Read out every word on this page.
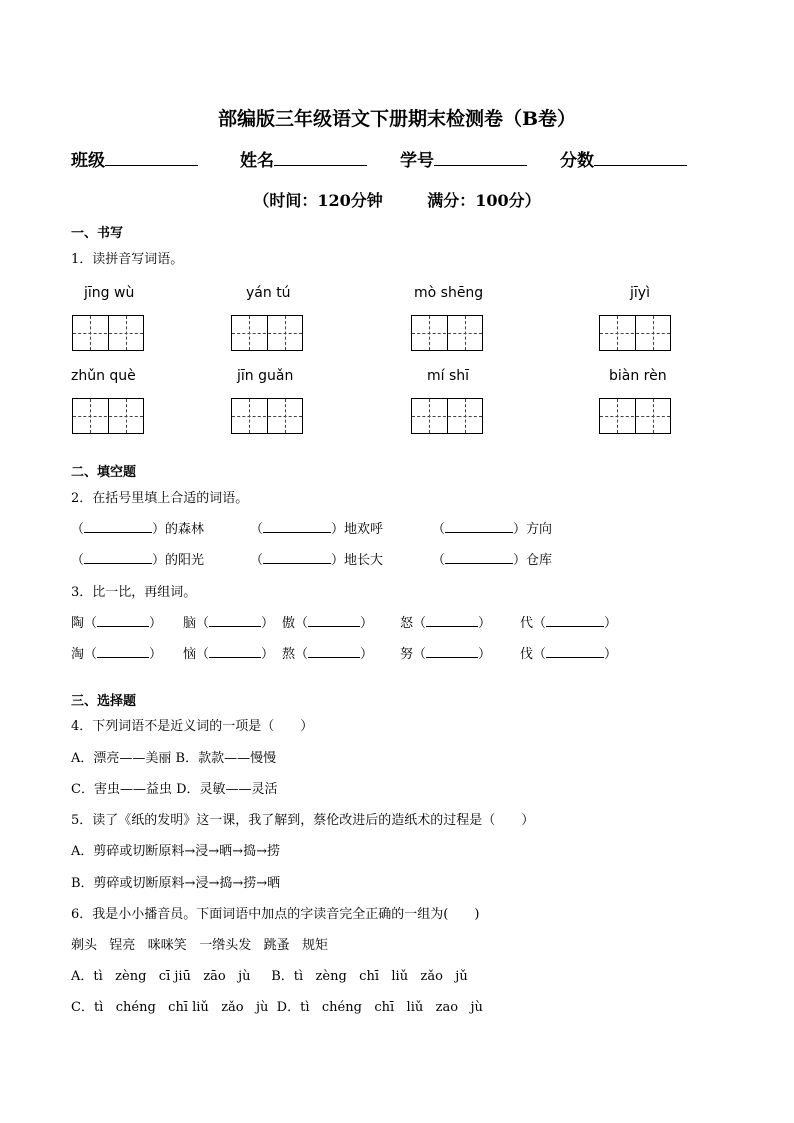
部编版三年级语文下册期末检测卷（B卷）
班级	姓名	学号	分数
（时间：120分钟        满分：100分）
一、书写
1．读拼音写词语。
jīng wù	yán tú	mò shēng	jīyì
zhǔn què	jīn guǎn	mí shī	biàn rèn
二、填空题
2．在括号里填上合适的词语。
（	）的森林	（	）地欢呼	（	）方向
（	）的阳光	（	）地长大	（	）仓库
3．比一比，再组词。
陶（	） 脑（	） 傲（	） 怒（	） 代（	）
淘（	） 恼（	） 熬（	） 努（	） 伐（	）
三、选择题
4．下列词语不是近义词的一项是（　　）
A．漂亮——美丽 B．款款——慢慢
C．害虫——益虫 D．灵敏——灵活
5．读了《纸的发明》这一课，我了解到，蔡伦改进后的造纸术的过程是（　　）
A．剪碎或切断原料→浸→晒→捣→捞
B．剪碎或切断原料→浸→捣→捞→晒
6．我是小小播音员。下面词语中加点的字读音完全正确的一组为(　　)
剃头   锃亮   咪咪笑   一绺头发   跳蚤   规矩
A．tì   zèng   cī jiū   zāo   jù     B．tì   zèng   chī   liǔ   zǎo   jǔ
C．tì   chéng   chī liǔ   zǎo   jù  D．tì   chéng   chī   liǔ   zao   jù
